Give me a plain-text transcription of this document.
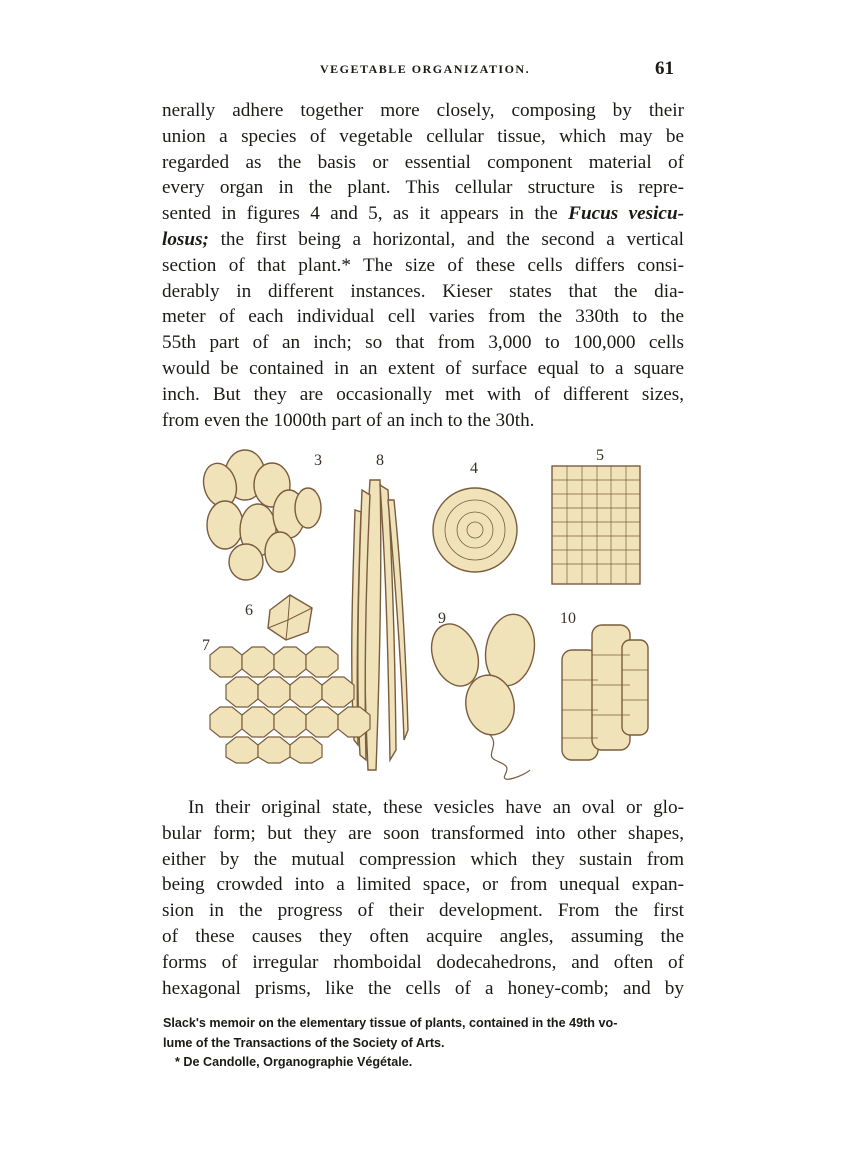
VEGETABLE ORGANIZATION.	61
nerally adhere together more closely, composing by their
union a species of vegetable cellular tissue, which may be
regarded as the basis or essential component material of
every organ in the plant. This cellular structure is repre-
sented in figures 4 and 5, as it appears in the Fucus vesicu-
losus; the first being a horizontal, and the second a vertical
section of that plant.* The size of these cells differs consi-
derably in different instances. Kieser states that the dia-
meter of each individual cell varies from the 330th to the
55th part of an inch; so that from 3,000 to 100,000 cells
would be contained in an extent of surface equal to a square
inch. But they are occasionally met with of different sizes,
from even the 1000th part of an inch to the 30th.
3	8	4
5
6
7
9	10
In their original state, these vesicles have an oval or glo-
bular form; but they are soon transformed into other shapes,
either by the mutual compression which they sustain from
being crowded into a limited space, or from unequal expan-
sion in the progress of their development. From the first
of these causes they often acquire angles, assuming the
forms of irregular rhomboidal dodecahedrons, and often of
hexagonal prisms, like the cells of a honey-comb; and by
Slack's memoir on the elementary tissue of plants, contained in the 49th vo-
lume of the Transactions of the Society of Arts.
* De Candolle, Organographie Végétale.
